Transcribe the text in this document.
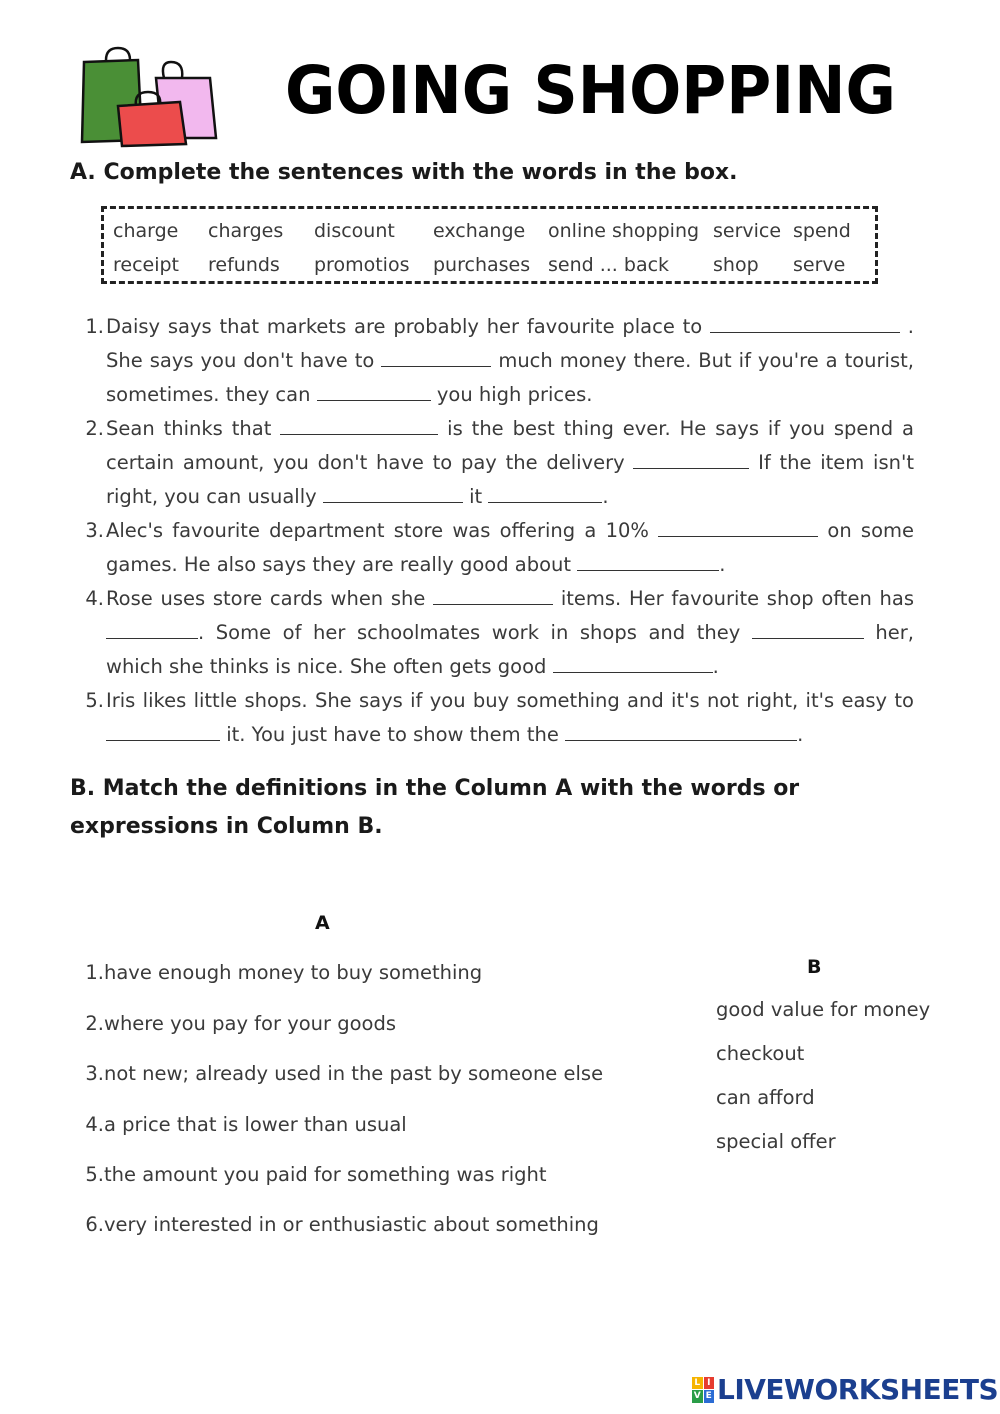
GOING SHOPPING
A. Complete the sentences with the words in the box.
charge charges discount exchange online shopping service spend
receipt refunds promotios purchases send ... back shop serve
1. Daisy says that markets are probably her favourite place to	. She says you don't have to	much money there. But if you're a tourist, sometimes. they can	you high prices.
2. Sean thinks that	is the best thing ever. He says if you spend a certain amount, you don't have to pay the delivery	If the item isn't right, you can usually	it	.
3. Alec's favourite department store was offering a 10%	on some games. He also says they are really good about	.
4. Rose uses store cards when she	items. Her favourite shop often has . Some of her schoolmates work in shops and they	her, which she thinks is nice. She often gets good	.
5. Iris likes little shops. She says if you buy something and it's not right, it's easy to  it. You just have to show them the	.
B. Match the definitions in the Column A with the words or expressions in Column B.
A
B
1.have enough money to buy something
2.where you pay for your goods
3.not new; already used in the past by someone else
4.a price that is lower than usual
5.the amount you paid for something was right
6.very interested in or enthusiastic about something
good value for money
checkout
can afford
special offer
L I
V E LIVEWORKSHEETS
